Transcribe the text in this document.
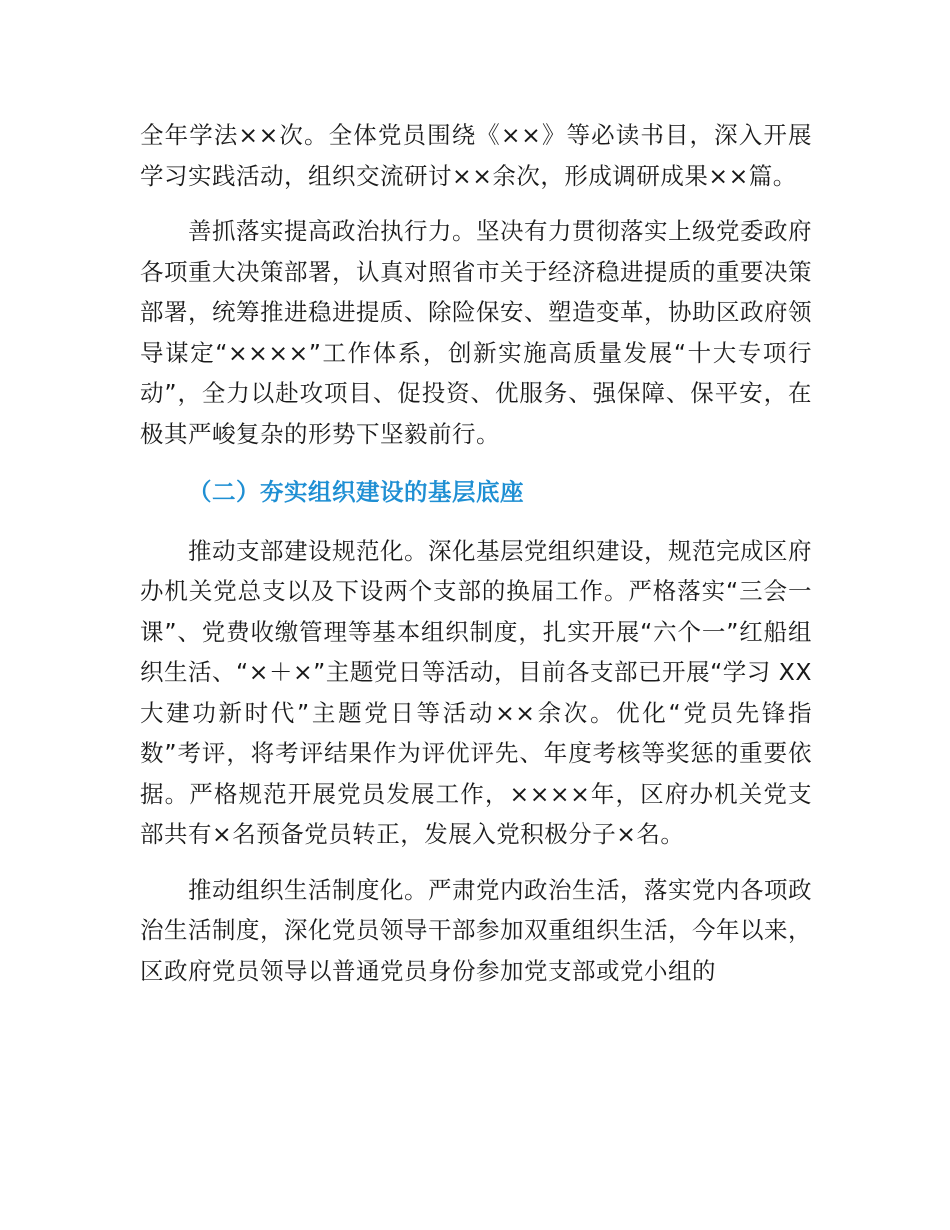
全年学法××次。全体党员围绕《××》等必读书目，深入开展学习实践活动，组织交流研讨××余次，形成调研成果××篇。

善抓落实提高政治执行力。坚决有力贯彻落实上级党委政府各项重大决策部署，认真对照省市关于经济稳进提质的重要决策部署，统筹推进稳进提质、除险保安、塑造变革，协助区政府领导谋定“××××”工作体系，创新实施高质量发展“十大专项行动”，全力以赴攻项目、促投资、优服务、强保障、保平安，在极其严峻复杂的形势下坚毅前行。

（二）夯实组织建设的基层底座

推动支部建设规范化。深化基层党组织建设，规范完成区府办机关党总支以及下设两个支部的换届工作。严格落实“三会一课”、党费收缴管理等基本组织制度，扎实开展“六个一”红船组织生活、“×＋×”主题党日等活动，目前各支部已开展“学习 XX 大建功新时代”主题党日等活动××余次。优化“党员先锋指数”考评，将考评结果作为评优评先、年度考核等奖惩的重要依据。严格规范开展党员发展工作，××××年，区府办机关党支部共有×名预备党员转正，发展入党积极分子×名。

推动组织生活制度化。严肃党内政治生活，落实党内各项政治生活制度，深化党员领导干部参加双重组织生活，今年以来，区政府党员领导以普通党员身份参加党支部或党小组的
